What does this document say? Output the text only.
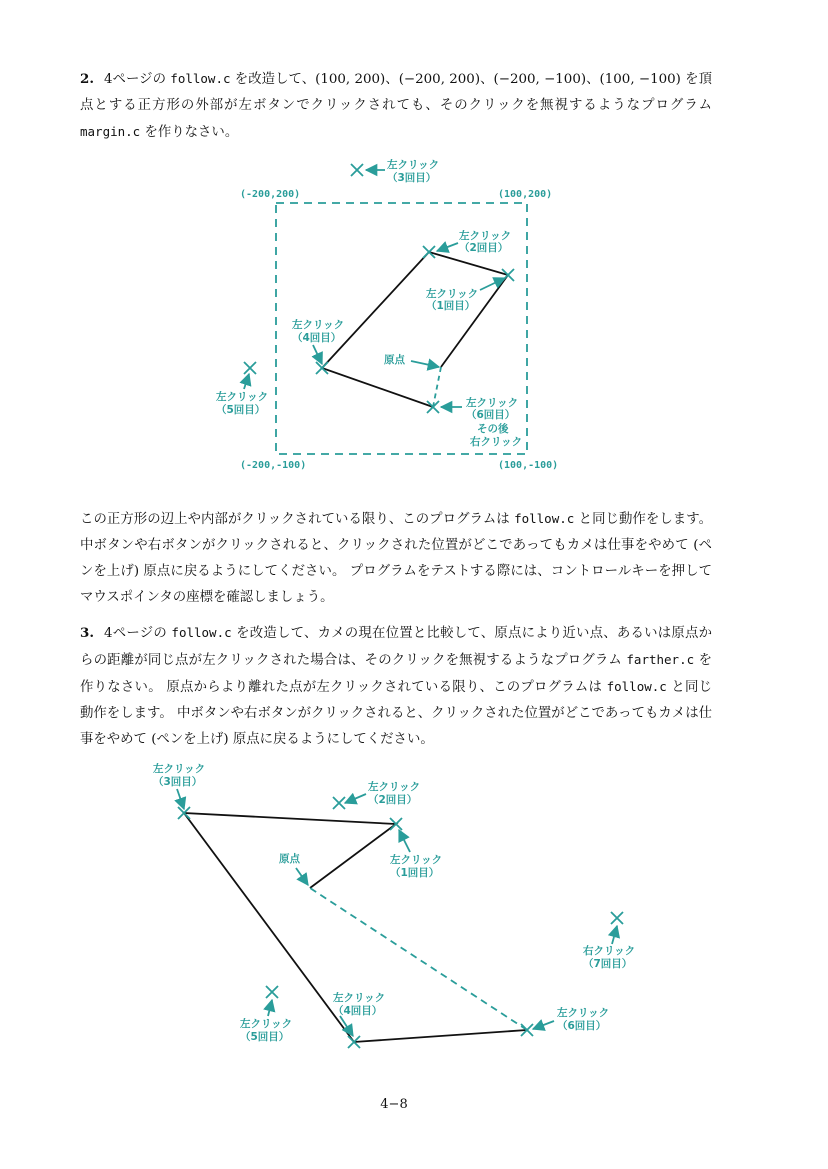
2. 4ページの follow.c を改造して、(100, 200)、(−200, 200)、(−200, −100)、(100, −100) を頂点とする正方形の外部が左ボタンでクリックされても、そのクリックを無視するようなプログラム margin.c を作りなさい。

(-200,200)	(100,200)
(-200,-100)	(100,-100)
左クリック
（3回目）
左クリック
（2回目）
左クリック
（1回目）
左クリック
（4回目）
原点
左クリック
（5回目）
左クリック
（6回目）
その後
右クリック

この正方形の辺上や内部がクリックされている限り、このプログラムは follow.c と同じ動作をします。 中ボタンや右ボタンがクリックされると、クリックされた位置がどこであってもカメは仕事をやめて (ペンを上げ) 原点に戻るようにしてください。 プログラムをテストする際には、コントロールキーを押してマウスポインタの座標を確認しましょう。

3. 4ページの follow.c を改造して、カメの現在位置と比較して、原点により近い点、あるいは原点からの距離が同じ点が左クリックされた場合は、そのクリックを無視するようなプログラム farther.c を作りなさい。 原点からより離れた点が左クリックされている限り、このプログラムは follow.c と同じ動作をします。 中ボタンや右ボタンがクリックされると、クリックされた位置がどこであってもカメは仕事をやめて (ペンを上げ) 原点に戻るようにしてください。

左クリック
（3回目）	左クリック
（2回目）
原点	左クリック
（1回目）
右クリック
（7回目）
左クリック
（4回目）
左クリック
（5回目）
左クリック
（6回目）
4−8
